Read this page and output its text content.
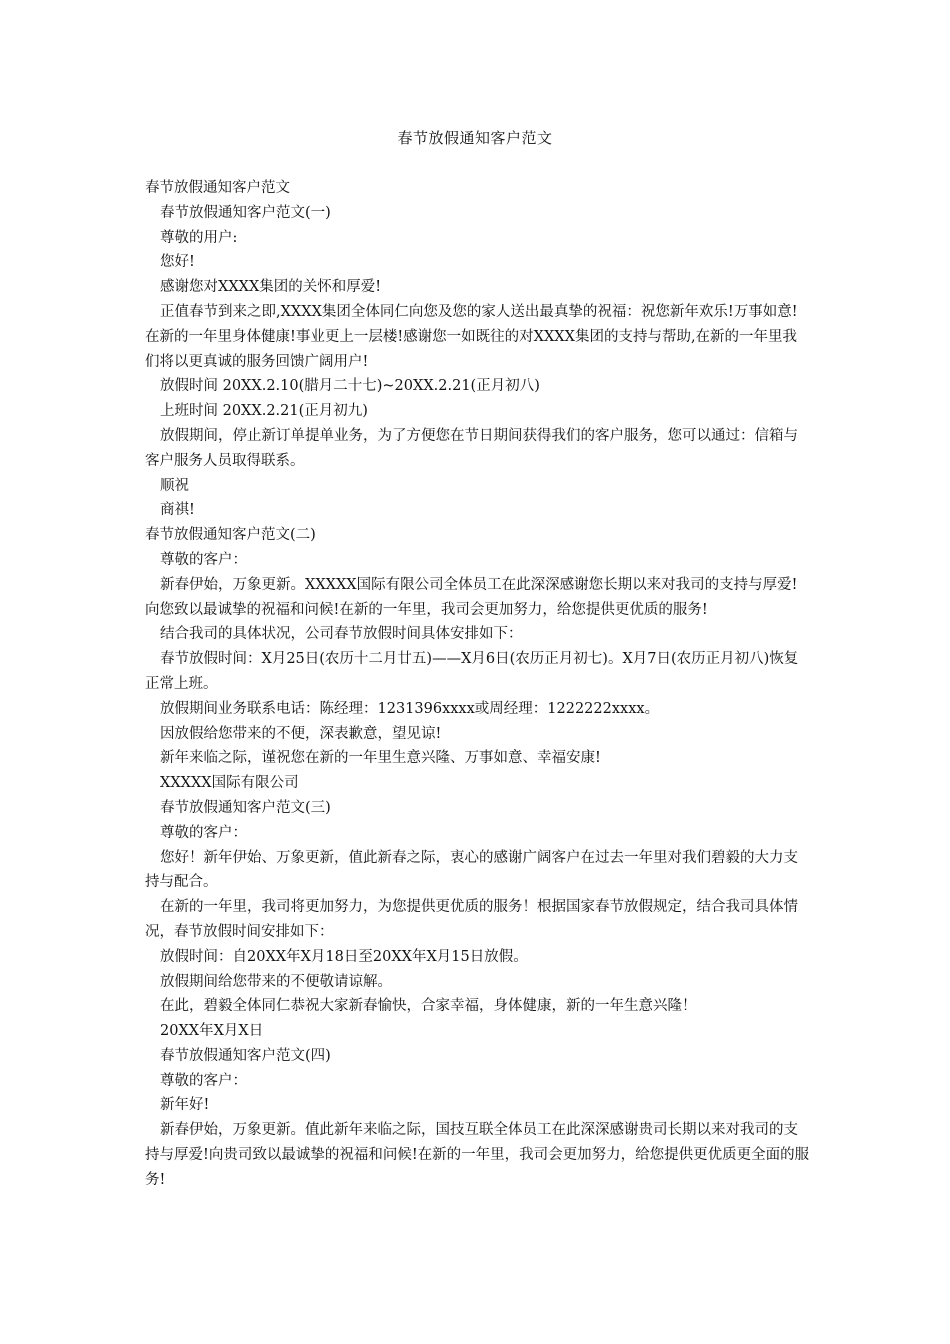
春节放假通知客户范文

春节放假通知客户范文

春节放假通知客户范文(一)

尊敬的用户:

您好!

感谢您对XXXX集团的关怀和厚爱!

正值春节到来之即,XXXX集团全体同仁向您及您的家人送出最真挚的祝福：祝您新年欢乐!万事如意!在新的一年里身体健康!事业更上一层楼!感谢您一如既往的对XXXX集团的支持与帮助,在新的一年里我们将以更真诚的服务回馈广阔用户!

放假时间 20XX.2.10(腊月二十七)~20XX.2.21(正月初八)

上班时间 20XX.2.21(正月初九)

放假期间，停止新订单提单业务，为了方便您在节日期间获得我们的客户服务，您可以通过：信箱与客户服务人员取得联系。

顺祝

商祺!

春节放假通知客户范文(二)

尊敬的客户：

新春伊始，万象更新。XXXXX国际有限公司全体员工在此深深感谢您长期以来对我司的支持与厚爱!向您致以最诚挚的祝福和问候!在新的一年里，我司会更加努力，给您提供更优质的服务!

结合我司的具体状况，公司春节放假时间具体安排如下：

春节放假时间：X月25日(农历十二月廿五)——X月6日(农历正月初七)。X月7日(农历正月初八)恢复正常上班。

放假期间业务联系电话：陈经理：1231396xxxx或周经理：1222222xxxx。

因放假给您带来的不便，深表歉意，望见谅!

新年来临之际，谨祝您在新的一年里生意兴隆、万事如意、幸福安康!

XXXXX国际有限公司

春节放假通知客户范文(三)

尊敬的客户：

您好！新年伊始、万象更新，值此新春之际，衷心的感谢广阔客户在过去一年里对我们碧毅的大力支持与配合。

在新的一年里，我司将更加努力，为您提供更优质的服务！根据国家春节放假规定，结合我司具体情况，春节放假时间安排如下：

放假时间：自20XX年X月18日至20XX年X月15日放假。

放假期间给您带来的不便敬请谅解。

在此，碧毅全体同仁恭祝大家新春愉快，合家幸福，身体健康，新的一年生意兴隆！

20XX年X月X日

春节放假通知客户范文(四)

尊敬的客户：

新年好!

新春伊始，万象更新。值此新年来临之际，国技互联全体员工在此深深感谢贵司长期以来对我司的支持与厚爱!向贵司致以最诚挚的祝福和问候!在新的一年里，我司会更加努力，给您提供更优质更全面的服务!
